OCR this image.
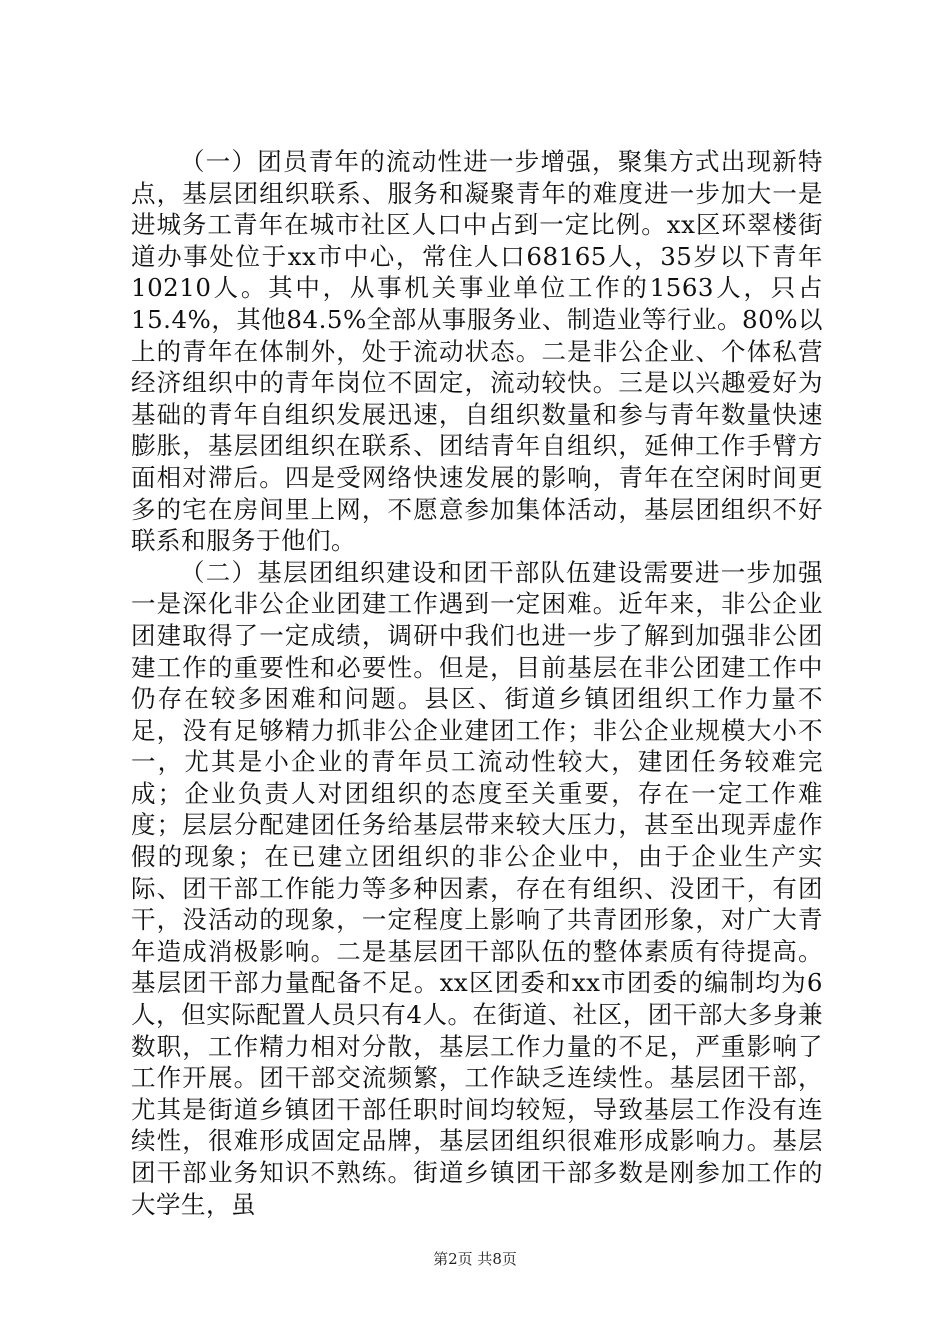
（一）团员青年的流动性进一步增强，聚集方式出现新特点，基层团组织联系、服务和凝聚青年的难度进一步加大一是进城务工青年在城市社区人口中占到一定比例。xx区环翠楼街道办事处位于xx市中心，常住人口68165人，35岁以下青年10210人。其中，从事机关事业单位工作的1563人，只占15.4%，其他84.5%全部从事服务业、制造业等行业。80%以上的青年在体制外，处于流动状态。二是非公企业、个体私营经济组织中的青年岗位不固定，流动较快。三是以兴趣爱好为基础的青年自组织发展迅速，自组织数量和参与青年数量快速膨胀，基层团组织在联系、团结青年自组织，延伸工作手臂方面相对滞后。四是受网络快速发展的影响，青年在空闲时间更多的宅在房间里上网，不愿意参加集体活动，基层团组织不好联系和服务于他们。

（二）基层团组织建设和团干部队伍建设需要进一步加强一是深化非公企业团建工作遇到一定困难。近年来，非公企业团建取得了一定成绩，调研中我们也进一步了解到加强非公团建工作的重要性和必要性。但是，目前基层在非公团建工作中仍存在较多困难和问题。县区、街道乡镇团组织工作力量不足，没有足够精力抓非公企业建团工作；非公企业规模大小不一，尤其是小企业的青年员工流动性较大，建团任务较难完成；企业负责人对团组织的态度至关重要，存在一定工作难度；层层分配建团任务给基层带来较大压力，甚至出现弄虚作假的现象；在已建立团组织的非公企业中，由于企业生产实际、团干部工作能力等多种因素，存在有组织、没团干，有团干，没活动的现象，一定程度上影响了共青团形象，对广大青年造成消极影响。二是基层团干部队伍的整体素质有待提高。基层团干部力量配备不足。xx区团委和xx市团委的编制均为6人，但实际配置人员只有4人。在街道、社区，团干部大多身兼数职，工作精力相对分散，基层工作力量的不足，严重影响了工作开展。团干部交流频繁，工作缺乏连续性。基层团干部，尤其是街道乡镇团干部任职时间均较短，导致基层工作没有连续性，很难形成固定品牌，基层团组织很难形成影响力。基层团干部业务知识不熟练。街道乡镇团干部多数是刚参加工作的大学生，虽

第2页 共8页
